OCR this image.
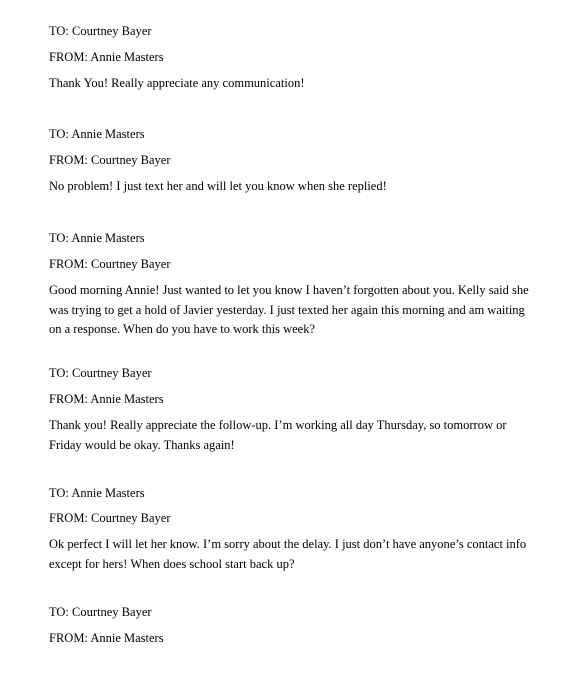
TO: Courtney Bayer

FROM: Annie Masters

Thank You! Really appreciate any communication!

TO: Annie Masters

FROM: Courtney Bayer

No problem! I just text her and will let you know when she replied!

TO: Annie Masters

FROM: Courtney Bayer

Good morning Annie! Just wanted to let you know I haven’t forgotten about you. Kelly said she was trying to get a hold of Javier yesterday. I just texted her again this morning and am waiting on a response. When do you have to work this week?

TO: Courtney Bayer

FROM: Annie Masters

Thank you! Really appreciate the follow-up. I’m working all day Thursday, so tomorrow or Friday would be okay. Thanks again!

TO: Annie Masters

FROM: Courtney Bayer

Ok perfect I will let her know. I’m sorry about the delay. I just don’t have anyone’s contact info except for hers! When does school start back up?

TO: Courtney Bayer

FROM: Annie Masters
